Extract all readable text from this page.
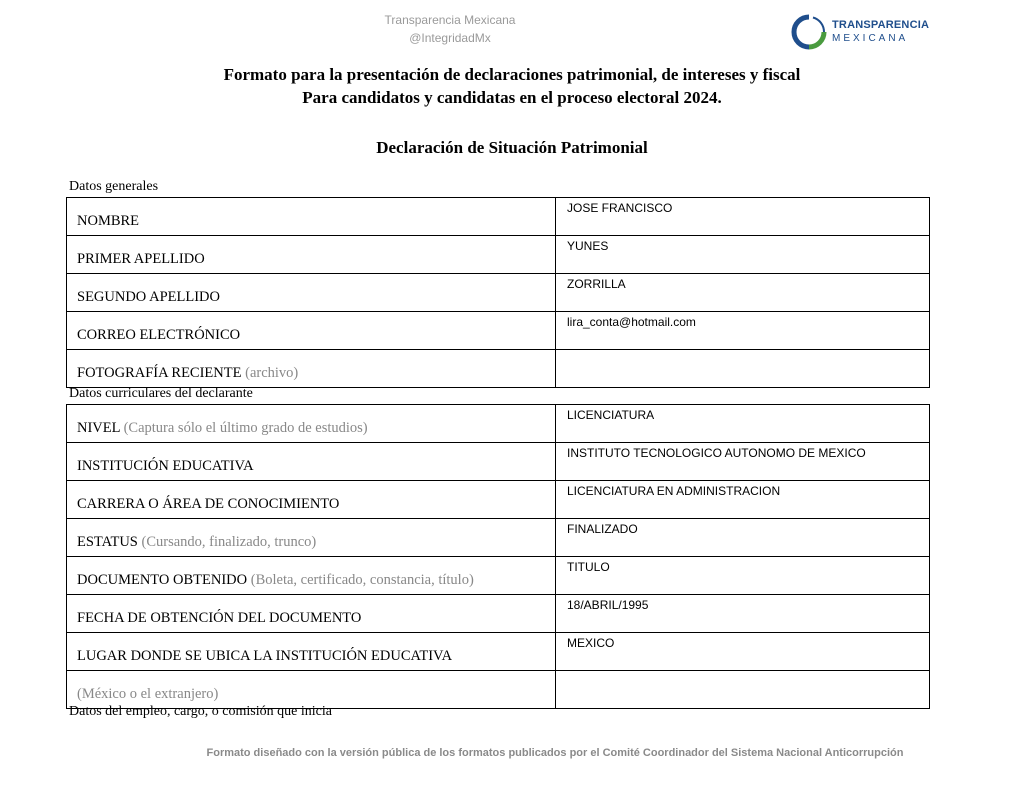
Transparencia Mexicana
@IntegridadMx
TRANSPARENCIA
MEXICANA
Formato para la presentación de declaraciones patrimonial, de intereses y fiscal
Para candidatos y candidatas en el proceso electoral 2024.
Declaración de Situación Patrimonial
Datos generales
NOMBRE	JOSE FRANCISCO

PRIMER APELLIDO	YUNES

SEGUNDO APELLIDO	ZORRILLA

CORREO ELECTRÓNICO	lira_conta@hotmail.com

FOTOGRAFÍA RECIENTE (archivo)	

Datos curriculares del declarante
NIVEL (Captura sólo el último grado de estudios)	LICENCIATURA

INSTITUCIÓN EDUCATIVA	INSTITUTO TECNOLOGICO AUTONOMO DE MEXICO

CARRERA O ÁREA DE CONOCIMIENTO	LICENCIATURA EN ADMINISTRACION

ESTATUS (Cursando, finalizado, trunco)	FINALIZADO

DOCUMENTO OBTENIDO (Boleta, certificado, constancia, título)	TITULO

FECHA DE OBTENCIÓN DEL DOCUMENTO	18/ABRIL/1995

LUGAR DONDE SE UBICA LA INSTITUCIÓN EDUCATIVA	MEXICO

(México o el extranjero)	

Datos del empleo, cargo, o comisión que inicia
Formato diseñado con la versión pública de los formatos publicados por el Comité Coordinador del Sistema Nacional Anticorrupción
